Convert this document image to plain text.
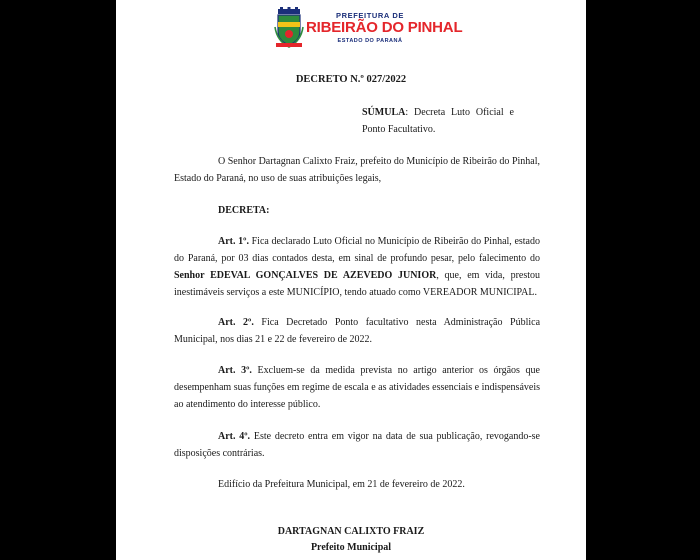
PREFEITURA DE
RIBEIRÃO DO PINHAL
ESTADO DO PARANÁ
DECRETO N.º 027/2022
SÚMULA: Decreta Luto Oficial e Ponto Facultativo.
O Senhor Dartagnan Calixto Fraiz, prefeito do Município de Ribeirão do Pinhal, Estado do Paraná, no uso de suas atribuições legais,
DECRETA:
Art. 1º. Fica declarado Luto Oficial no Município de Ribeirão do Pinhal, estado do Paraná, por 03 dias contados desta, em sinal de profundo pesar, pelo falecimento do Senhor EDEVAL GONÇALVES DE AZEVEDO JUNIOR, que, em vida, prestou inestimáveis serviços a este MUNICÍPIO, tendo atuado como VEREADOR MUNICIPAL.
Art. 2º. Fica Decretado Ponto facultativo nesta Administração Pública Municipal, nos dias 21 e 22 de fevereiro de 2022.
Art. 3º. Excluem-se da medida prevista no artigo anterior os órgãos que desempenham suas funções em regime de escala e as atividades essenciais e indispensáveis ao atendimento do interesse público.
Art. 4º. Este decreto entra em vigor na data de sua publicação, revogando-se disposições contrárias.
Edifício da Prefeitura Municipal, em 21 de fevereiro de 2022.
DARTAGNAN CALIXTO FRAIZ
Prefeito Municipal
